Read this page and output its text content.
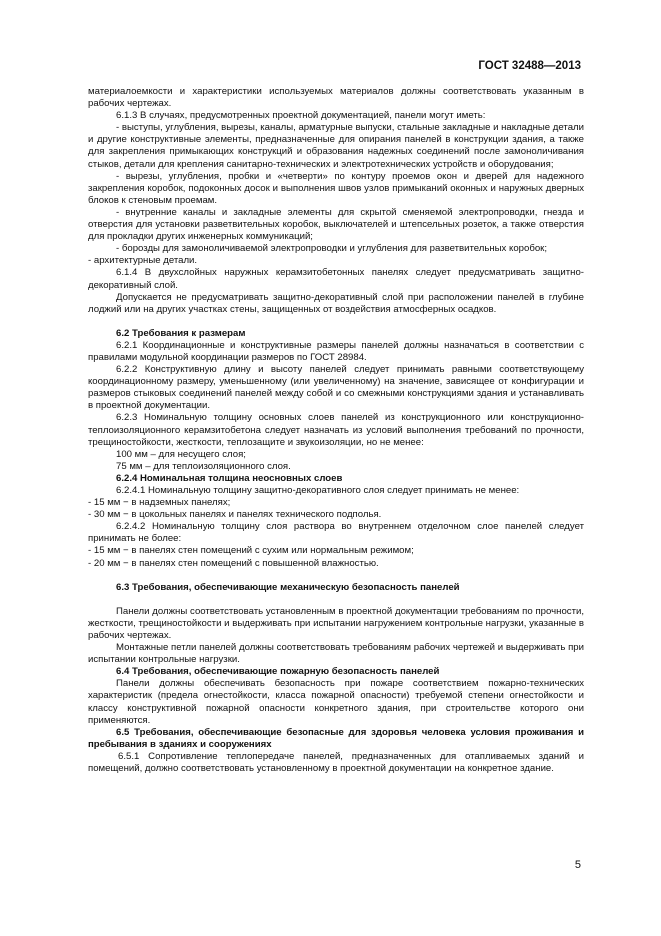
ГОСТ 32488—2013

материалоемкости и характеристики используемых материалов должны соответствовать указанным в рабочих чертежах.

6.1.3 В случаях, предусмотренных проектной документацией, панели могут иметь:

- выступы, углубления, вырезы, каналы, арматурные выпуски, стальные закладные и накладные детали и другие конструктивные элементы, предназначенные для опирания панелей в конструкции здания, а также для закрепления примыкающих конструкций и образования надежных соединений после замоноличивания стыков, детали для крепления санитарно-технических и электротехнических устройств и оборудования;

- вырезы, углубления, пробки и «четверти» по контуру проемов окон и дверей для надежного закрепления коробок, подоконных досок и выполнения швов узлов примыканий оконных и наружных дверных блоков к стеновым проемам.

- внутренние каналы и закладные элементы для скрытой сменяемой электропроводки, гнезда и отверстия для установки разветвительных коробок, выключателей и штепсельных розеток, а также отверстия для прокладки других инженерных коммуникаций;

- борозды для замоноличиваемой электропроводки и углубления для разветвительных коробок;

- архитектурные детали.

6.1.4 В двухслойных наружных керамзитобетонных панелях следует предусматривать защитно-декоративный слой.

Допускается не предусматривать защитно-декоративный слой при расположении панелей в глубине лоджий или на других участках стены, защищенных от воздействия атмосферных осадков.

6.2 Требования к размерам

6.2.1 Координационные и конструктивные размеры панелей должны назначаться в соответствии с правилами модульной координации размеров по ГОСТ 28984.

6.2.2 Конструктивную длину и высоту панелей следует принимать равными соответствующему координационному размеру, уменьшенному (или увеличенному) на значение, зависящее от конфигурации и размеров стыковых соединений панелей между собой и со смежными конструкциями здания и устанавливать в проектной документации.

6.2.3 Номинальную толщину основных слоев панелей из конструкционного или конструкционно-теплоизоляционного керамзитобетона следует назначать из условий выполнения требований по прочности, трещиностойкости, жесткости, теплозащите и звукоизоляции, но не менее:

100 мм – для несущего слоя;

75 мм – для теплоизоляционного слоя.

6.2.4 Номинальная толщина неосновных слоев

6.2.4.1 Номинальную толщину защитно-декоративного слоя следует принимать не менее:

- 15 мм − в надземных панелях;

- 30 мм − в цокольных панелях и панелях технического подполья.

6.2.4.2 Номинальную толщину слоя раствора во внутреннем отделочном слое панелей следует принимать не более:

- 15 мм − в панелях стен помещений с сухим или нормальным режимом;

- 20 мм − в панелях стен помещений с повышенной влажностью.

6.3 Требования, обеспечивающие механическую безопасность панелей

Панели должны соответствовать установленным в проектной документации требованиям по прочности, жесткости, трещиностойкости и выдерживать при испытании нагружением контрольные нагрузки, указанные в рабочих чертежах.

Монтажные петли панелей должны соответствовать требованиям рабочих чертежей и выдерживать при испытании контрольные нагрузки.

6.4 Требования, обеспечивающие пожарную безопасность панелей

Панели должны обеспечивать безопасность при пожаре соответствием пожарно-технических характеристик (предела огнестойкости, класса пожарной опасности) требуемой степени огнестойкости и классу конструктивной пожарной опасности конкретного здания, при строительстве которого они применяются.

6.5 Требования, обеспечивающие безопасные для здоровья человека условия проживания и пребывания в зданиях и сооружениях

6.5.1 Сопротивление теплопередаче панелей, предназначенных для отапливаемых зданий и помещений, должно соответствовать установленному в проектной документации на конкретное здание.

5
